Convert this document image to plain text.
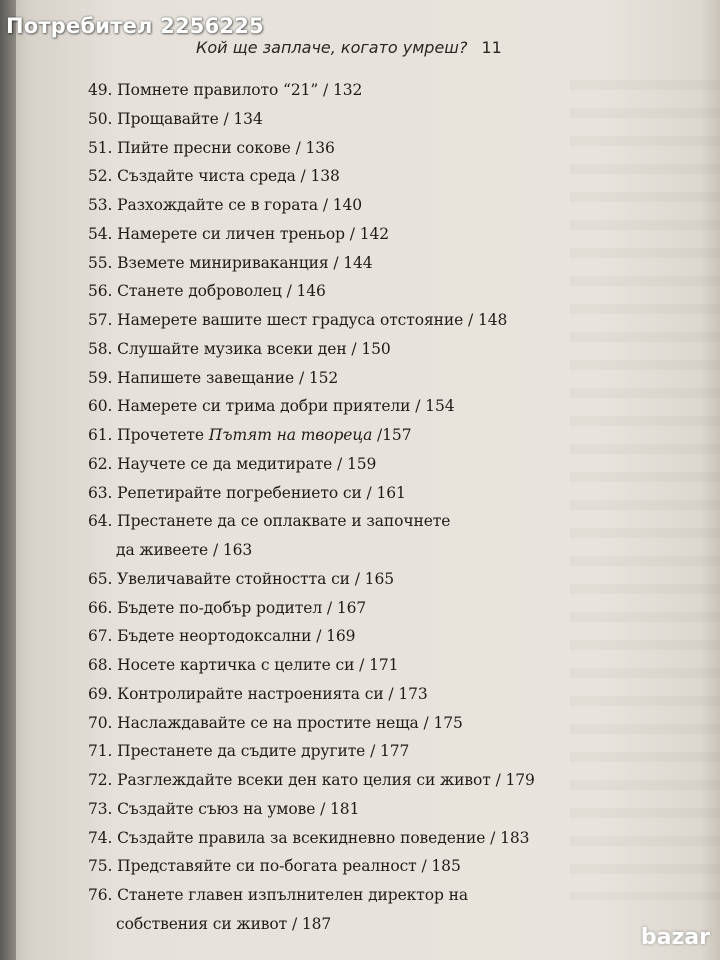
Потребител 2256225
Кой ще заплаче, когато умреш? 11
49. Помнете правилото “21” / 132
50. Прощавайте / 134
51. Пийте пресни сокове / 136
52. Създайте чиста среда / 138
53. Разхождайте се в гората / 140
54. Намерете си личен треньор / 142
55. Вземете минириваканция / 144
56. Станете доброволец / 146
57. Намерете вашите шест градуса отстояние / 148
58. Слушайте музика всеки ден / 150
59. Напишете завещание / 152
60. Намерете си трима добри приятели / 154
61. Прочетете Пътят на твореца /157
62. Научете се да медитирате / 159
63. Репетирайте погребението си / 161
64. Престанете да се оплаквате и започнете
да живеете / 163
65. Увеличавайте стойността си / 165
66. Бъдете по-добър родител / 167
67. Бъдете неортодоксални / 169
68. Носете картичка с целите си / 171
69. Контролирайте настроенията си / 173
70. Наслаждавайте се на простите неща / 175
71. Престанете да съдите другите / 177
72. Разглеждайте всеки ден като целия си живот / 179
73. Създайте съюз на умове / 181
74. Създайте правила за всекидневно поведение / 183
75. Представяйте си по-богата реалност / 185
76. Станете главен изпълнителен директор на
собствения си живот / 187
bazar
